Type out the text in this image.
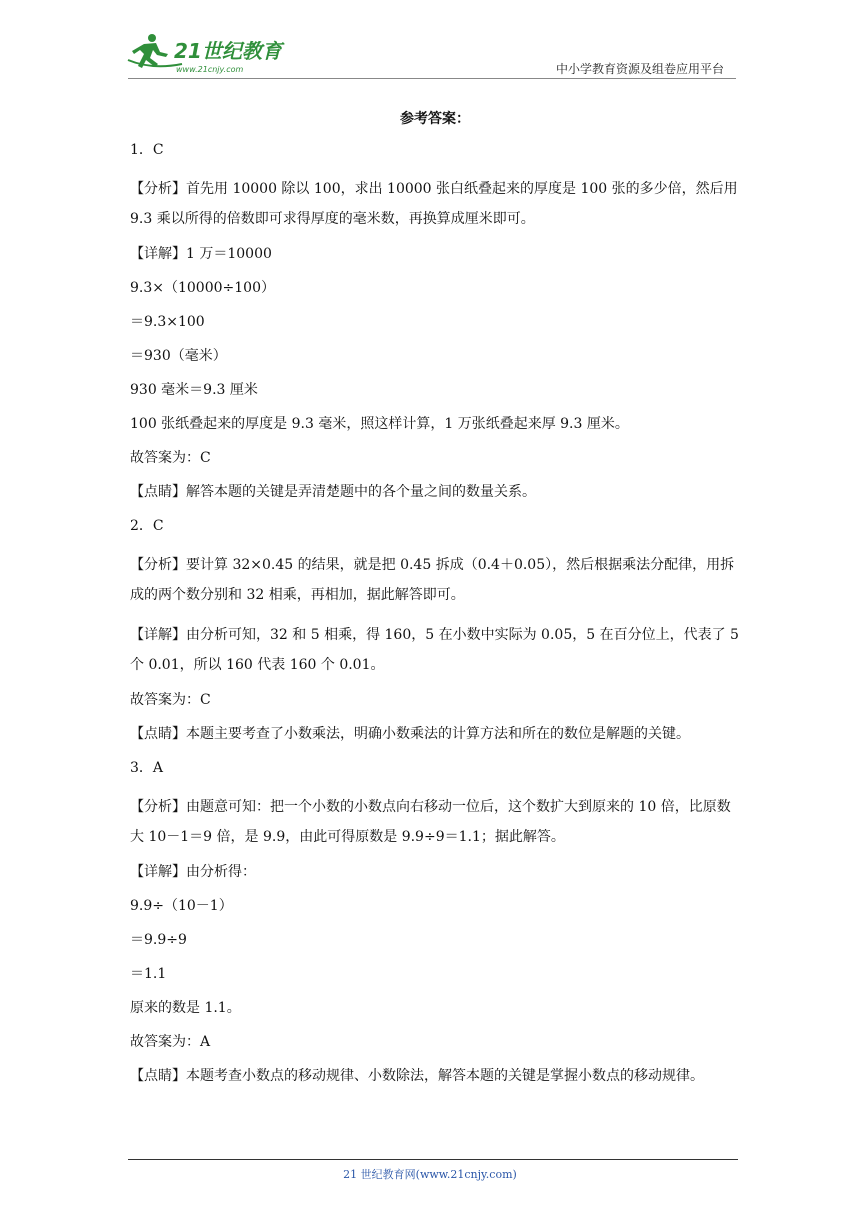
21世纪教育
www.21cnjy.com	中小学教育资源及组卷应用平台
参考答案：
1．C
【分析】首先用 10000 除以 100，求出 10000 张白纸叠起来的厚度是 100 张的多少倍，然后用 9.3 乘以所得的倍数即可求得厚度的毫米数，再换算成厘米即可。
【详解】1 万＝10000
9.3×（10000÷100）
＝9.3×100
＝930（毫米）
930 毫米＝9.3 厘米
100 张纸叠起来的厚度是 9.3 毫米，照这样计算，1 万张纸叠起来厚 9.3 厘米。
故答案为：C
【点睛】解答本题的关键是弄清楚题中的各个量之间的数量关系。
2．C
【分析】要计算 32×0.45 的结果，就是把 0.45 拆成（0.4＋0.05），然后根据乘法分配律，用拆成的两个数分别和 32 相乘，再相加，据此解答即可。
【详解】由分析可知，32 和 5 相乘，得 160，5 在小数中实际为 0.05，5 在百分位上，代表了 5 个 0.01，所以 160 代表 160 个 0.01。
故答案为：C
【点睛】本题主要考查了小数乘法，明确小数乘法的计算方法和所在的数位是解题的关键。
3．A
【分析】由题意可知：把一个小数的小数点向右移动一位后，这个数扩大到原来的 10 倍，比原数大 10－1＝9 倍，是 9.9，由此可得原数是 9.9÷9＝1.1；据此解答。
【详解】由分析得：
9.9÷（10－1）
＝9.9÷9
＝1.1
原来的数是 1.1。
故答案为：A
【点睛】本题考查小数点的移动规律、小数除法，解答本题的关键是掌握小数点的移动规律。
21 世纪教育网(www.21cnjy.com)
